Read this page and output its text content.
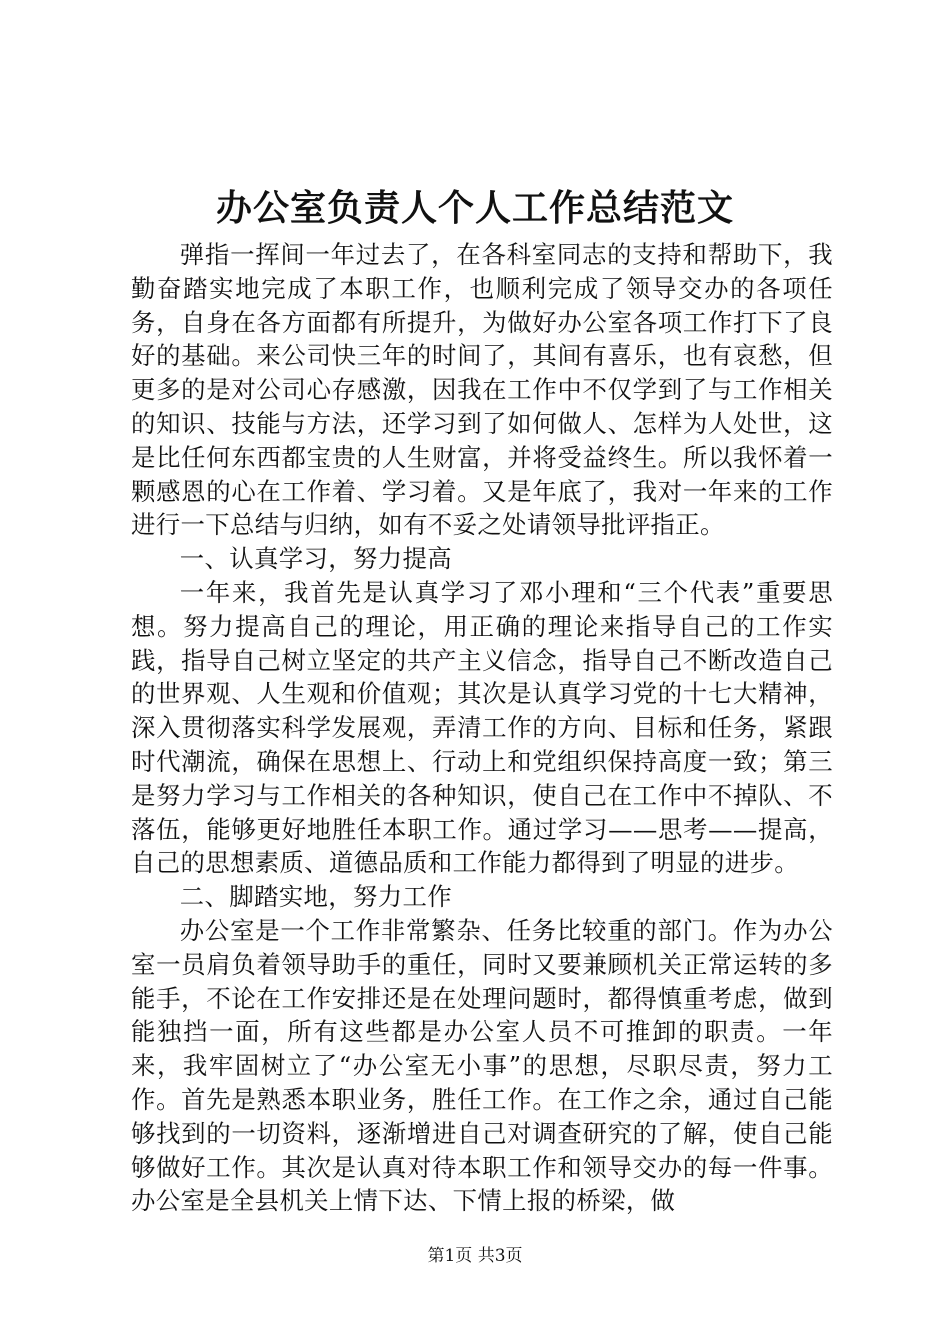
办公室负责人个人工作总结范文

弹指一挥间一年过去了，在各科室同志的支持和帮助下，我勤奋踏实地完成了本职工作，也顺利完成了领导交办的各项任务，自身在各方面都有所提升，为做好办公室各项工作打下了良好的基础。来公司快三年的时间了，其间有喜乐，也有哀愁，但更多的是对公司心存感激，因我在工作中不仅学到了与工作相关的知识、技能与方法，还学习到了如何做人、怎样为人处世，这是比任何东西都宝贵的人生财富，并将受益终生。所以我怀着一颗感恩的心在工作着、学习着。又是年底了，我对一年来的工作进行一下总结与归纳，如有不妥之处请领导批评指正。

一、认真学习，努力提高

一年来，我首先是认真学习了邓小理和“三个代表”重要思想。努力提高自己的理论，用正确的理论来指导自己的工作实践，指导自己树立坚定的共产主义信念，指导自己不断改造自己的世界观、人生观和价值观；其次是认真学习党的十七大精神，深入贯彻落实科学发展观，弄清工作的方向、目标和任务，紧跟时代潮流，确保在思想上、行动上和党组织保持高度一致；第三是努力学习与工作相关的各种知识，使自己在工作中不掉队、不落伍，能够更好地胜任本职工作。通过学习——思考——提高，自己的思想素质、道德品质和工作能力都得到了明显的进步。

二、脚踏实地，努力工作

办公室是一个工作非常繁杂、任务比较重的部门。作为办公室一员肩负着领导助手的重任，同时又要兼顾机关正常运转的多能手，不论在工作安排还是在处理问题时，都得慎重考虑，做到能独挡一面，所有这些都是办公室人员不可推卸的职责。一年来，我牢固树立了“办公室无小事”的思想，尽职尽责，努力工作。首先是熟悉本职业务，胜任工作。在工作之余，通过自己能够找到的一切资料，逐渐增进自己对调查研究的了解，使自己能够做好工作。其次是认真对待本职工作和领导交办的每一件事。办公室是全县机关上情下达、下情上报的桥梁，做

第1页 共3页
